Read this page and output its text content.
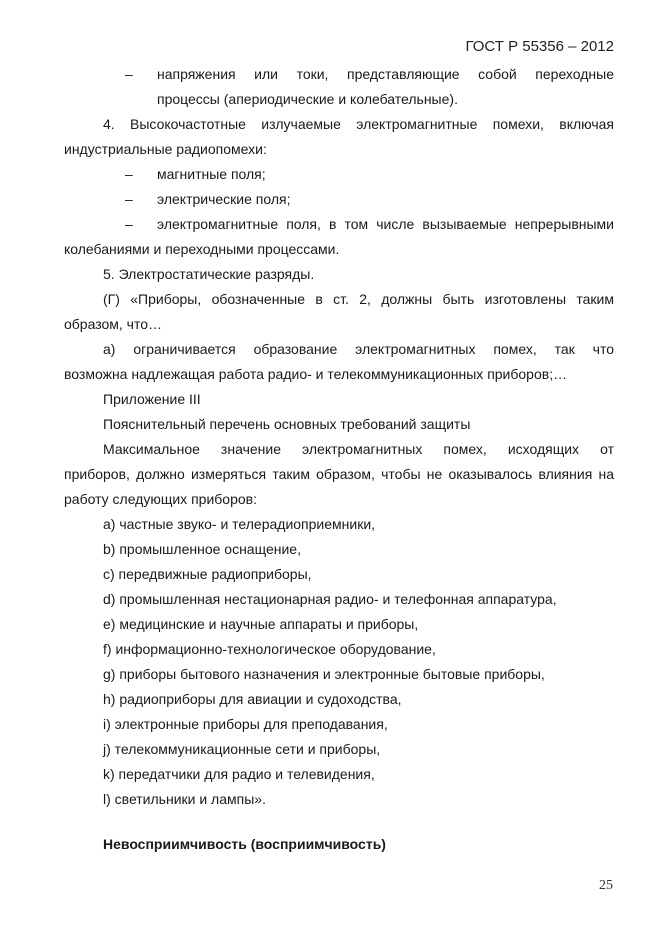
ГОСТ Р 55356 – 2012
– напряжения или токи, представляющие собой переходные
процессы (апериодические и колебательные).
4. Высокочастотные излучаемые электромагнитные помехи, включая
индустриальные радиопомехи:
– магнитные поля;
– электрические поля;
– электромагнитные поля, в том числе вызываемые непрерывными
колебаниями и переходными процессами.
5. Электростатические разряды.
(Г) «Приборы, обозначенные в ст. 2, должны быть изготовлены таким
образом, что…
а) ограничивается образование электромагнитных помех, так что
возможна надлежащая работа радио- и телекоммуникационных приборов;…
Приложение III
Пояснительный перечень основных требований защиты
Максимальное значение электромагнитных помех, исходящих от
приборов, должно измеряться таким образом, чтобы не оказывалось влияния на
работу следующих приборов:
a) частные звуко- и телерадиоприемники,
b) промышленное оснащение,
c) передвижные радиоприборы,
d) промышленная нестационарная радио- и телефонная аппаратура,
e) медицинские и научные аппараты и приборы,
f) информационно-технологическое оборудование,
g) приборы бытового назначения и электронные бытовые приборы,
h) радиоприборы для авиации и судоходства,
i) электронные приборы для преподавания,
j) телекоммуникационные сети и приборы,
k) передатчики для радио и телевидения,
l) светильники и лампы».
Невосприимчивость (восприимчивость)
25
